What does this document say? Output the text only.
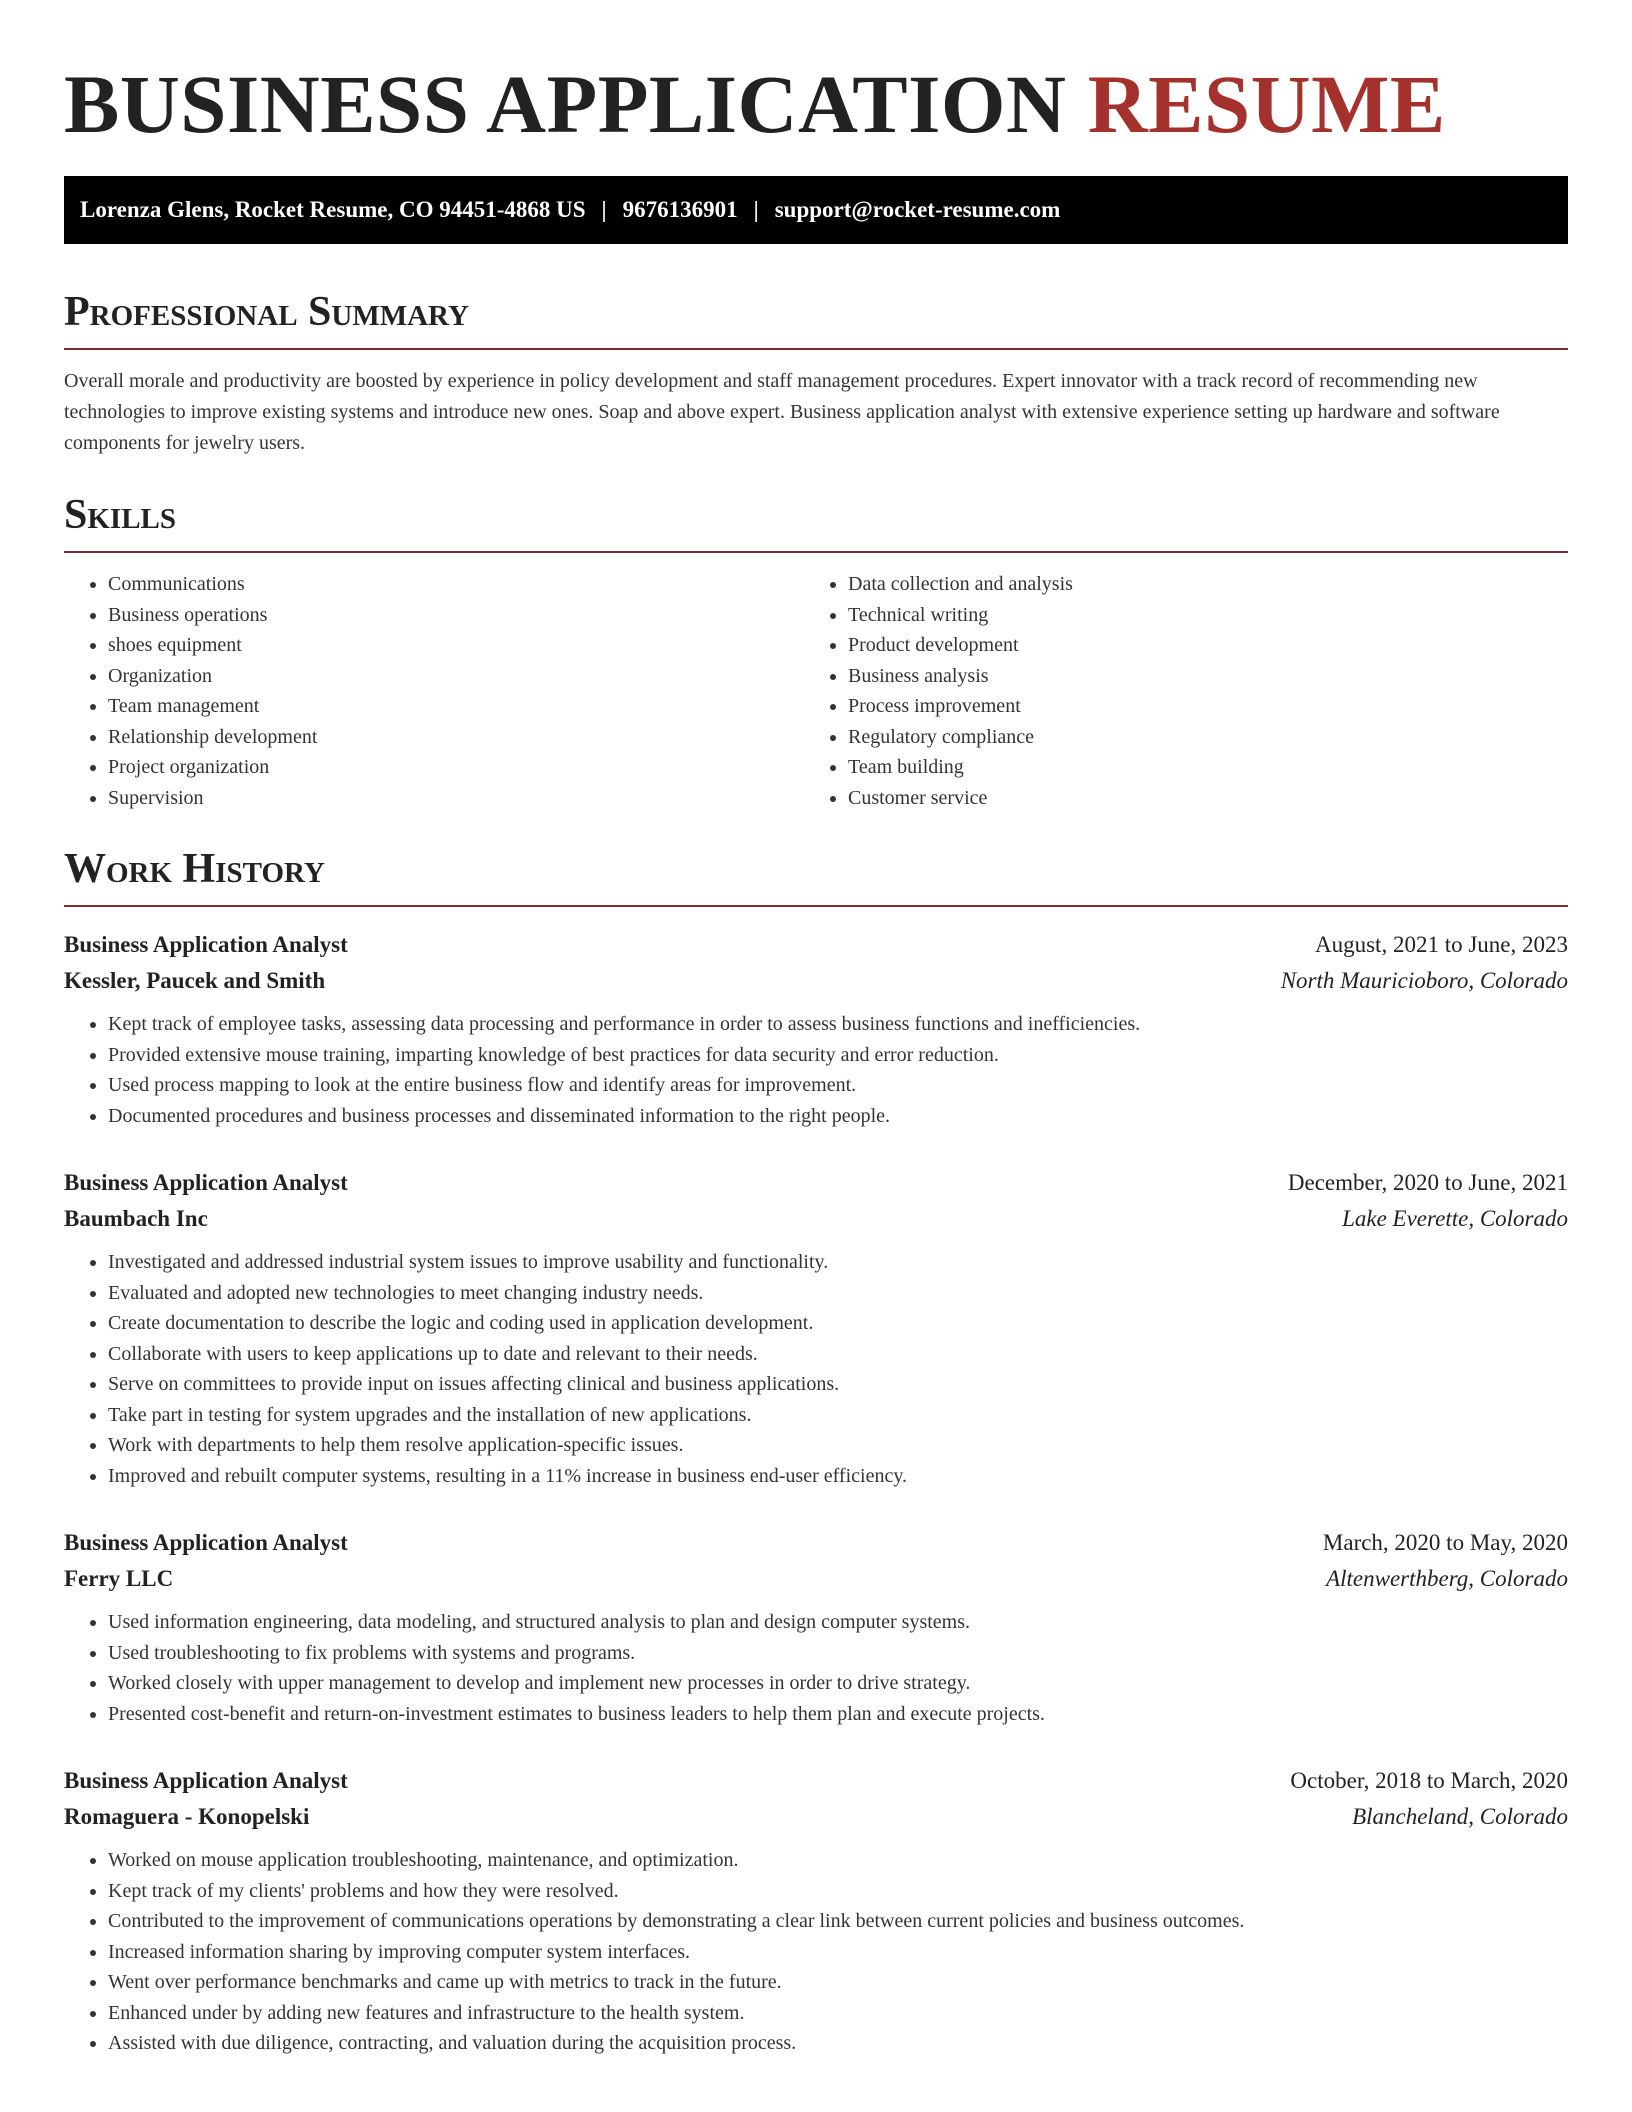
BUSINESS APPLICATION RESUME
Lorenza Glens, Rocket Resume, CO 94451-4868 US | 9676136901 | support@rocket-resume.com
Professional Summary

Overall morale and productivity are boosted by experience in policy development and staff management procedures. Expert innovator with a track record of recommending new technologies to improve existing systems and introduce new ones. Soap and above expert. Business application analyst with extensive experience setting up hardware and software components for jewelry users.

Skills
• Communications
• Business operations
• shoes equipment
• Organization
• Team management
• Relationship development
• Project organization
• Supervision
• Data collection and analysis
• Technical writing
• Product development
• Business analysis
• Process improvement
• Regulatory compliance
• Team building
• Customer service
Work History
Business Application Analyst	August, 2021 to June, 2023
Kessler, Paucek and Smith	North Mauricioboro, Colorado
• Kept track of employee tasks, assessing data processing and performance in order to assess business functions and inefficiencies.
• Provided extensive mouse training, imparting knowledge of best practices for data security and error reduction.
• Used process mapping to look at the entire business flow and identify areas for improvement.
• Documented procedures and business processes and disseminated information to the right people.
Business Application Analyst	December, 2020 to June, 2021
Baumbach Inc	Lake Everette, Colorado
• Investigated and addressed industrial system issues to improve usability and functionality.
• Evaluated and adopted new technologies to meet changing industry needs.
• Create documentation to describe the logic and coding used in application development.
• Collaborate with users to keep applications up to date and relevant to their needs.
• Serve on committees to provide input on issues affecting clinical and business applications.
• Take part in testing for system upgrades and the installation of new applications.
• Work with departments to help them resolve application-specific issues.
• Improved and rebuilt computer systems, resulting in a 11% increase in business end-user efficiency.
Business Application Analyst	March, 2020 to May, 2020
Ferry LLC	Altenwerthberg, Colorado
• Used information engineering, data modeling, and structured analysis to plan and design computer systems.
• Used troubleshooting to fix problems with systems and programs.
• Worked closely with upper management to develop and implement new processes in order to drive strategy.
• Presented cost-benefit and return-on-investment estimates to business leaders to help them plan and execute projects.
Business Application Analyst	October, 2018 to March, 2020
Romaguera - Konopelski	Blancheland, Colorado
• Worked on mouse application troubleshooting, maintenance, and optimization.
• Kept track of my clients' problems and how they were resolved.
• Contributed to the improvement of communications operations by demonstrating a clear link between current policies and business outcomes.
• Increased information sharing by improving computer system interfaces.
• Went over performance benchmarks and came up with metrics to track in the future.
• Enhanced under by adding new features and infrastructure to the health system.
• Assisted with due diligence, contracting, and valuation during the acquisition process.
